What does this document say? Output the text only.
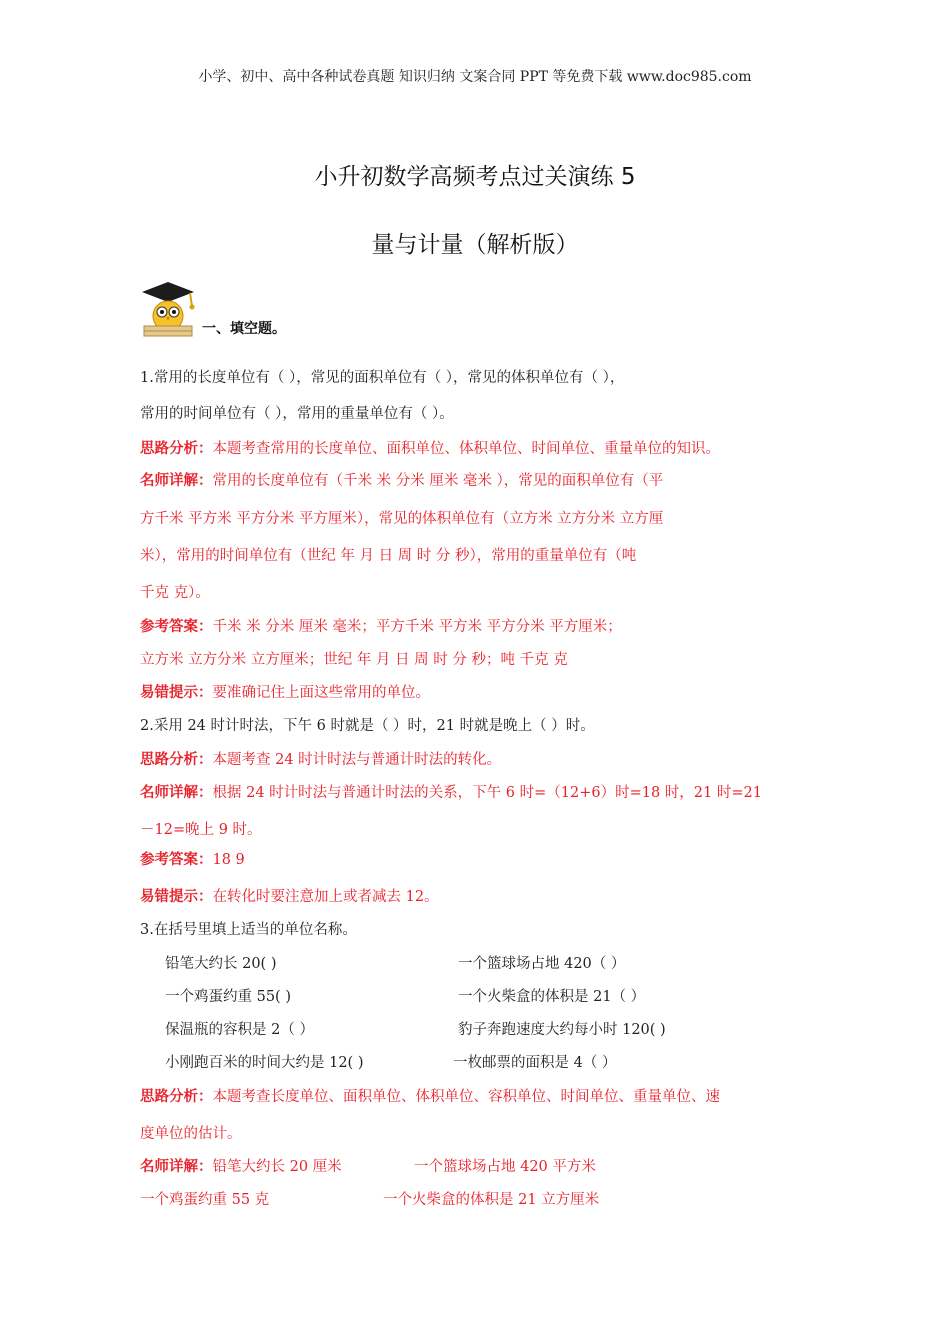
小学、初中、高中各种试卷真题 知识归纳 文案合同 PPT 等免费下载 www.doc985.com
小升初数学高频考点过关演练 5
量与计量（解析版）
一、填空题。
1.常用的长度单位有（ ），常见的面积单位有（ ），常见的体积单位有（ ），
常用的时间单位有（ ），常用的重量单位有（ ）。
思路分析：本题考查常用的长度单位、面积单位、体积单位、时间单位、重量单位的知识。
名师详解：常用的长度单位有（千米 米 分米 厘米 毫米 ），常见的面积单位有（平
方千米 平方米 平方分米 平方厘米），常见的体积单位有（立方米 立方分米 立方厘
米），常用的时间单位有（世纪 年 月 日 周 时 分 秒），常用的重量单位有（吨
千克 克）。
参考答案：千米 米 分米 厘米 毫米；平方千米 平方米 平方分米 平方厘米；
立方米 立方分米 立方厘米；世纪 年 月 日 周 时 分 秒；吨 千克 克
易错提示：要准确记住上面这些常用的单位。
2.采用 24 时计时法，下午 6 时就是（ ）时，21 时就是晚上（ ）时。
思路分析：本题考查 24 时计时法与普通计时法的转化。
名师详解：根据 24 时计时法与普通计时法的关系，下午 6 时=（12+6）时=18 时，21 时=21
－12=晚上 9 时。
参考答案：18 9
易错提示：在转化时要注意加上或者减去 12。
3.在括号里填上适当的单位名称。
铅笔大约长 20( )	一个篮球场占地 420（ ）
一个鸡蛋约重 55( )	一个火柴盒的体积是 21（ ）
保温瓶的容积是 2（ ）	豹子奔跑速度大约每小时 120( )
小刚跑百米的时间大约是 12( )	一枚邮票的面积是 4（ ）
思路分析：本题考查长度单位、面积单位、体积单位、容积单位、时间单位、重量单位、速
度单位的估计。
名师详解：铅笔大约长 20 厘米	一个篮球场占地 420 平方米
一个鸡蛋约重 55 克	一个火柴盒的体积是 21 立方厘米
